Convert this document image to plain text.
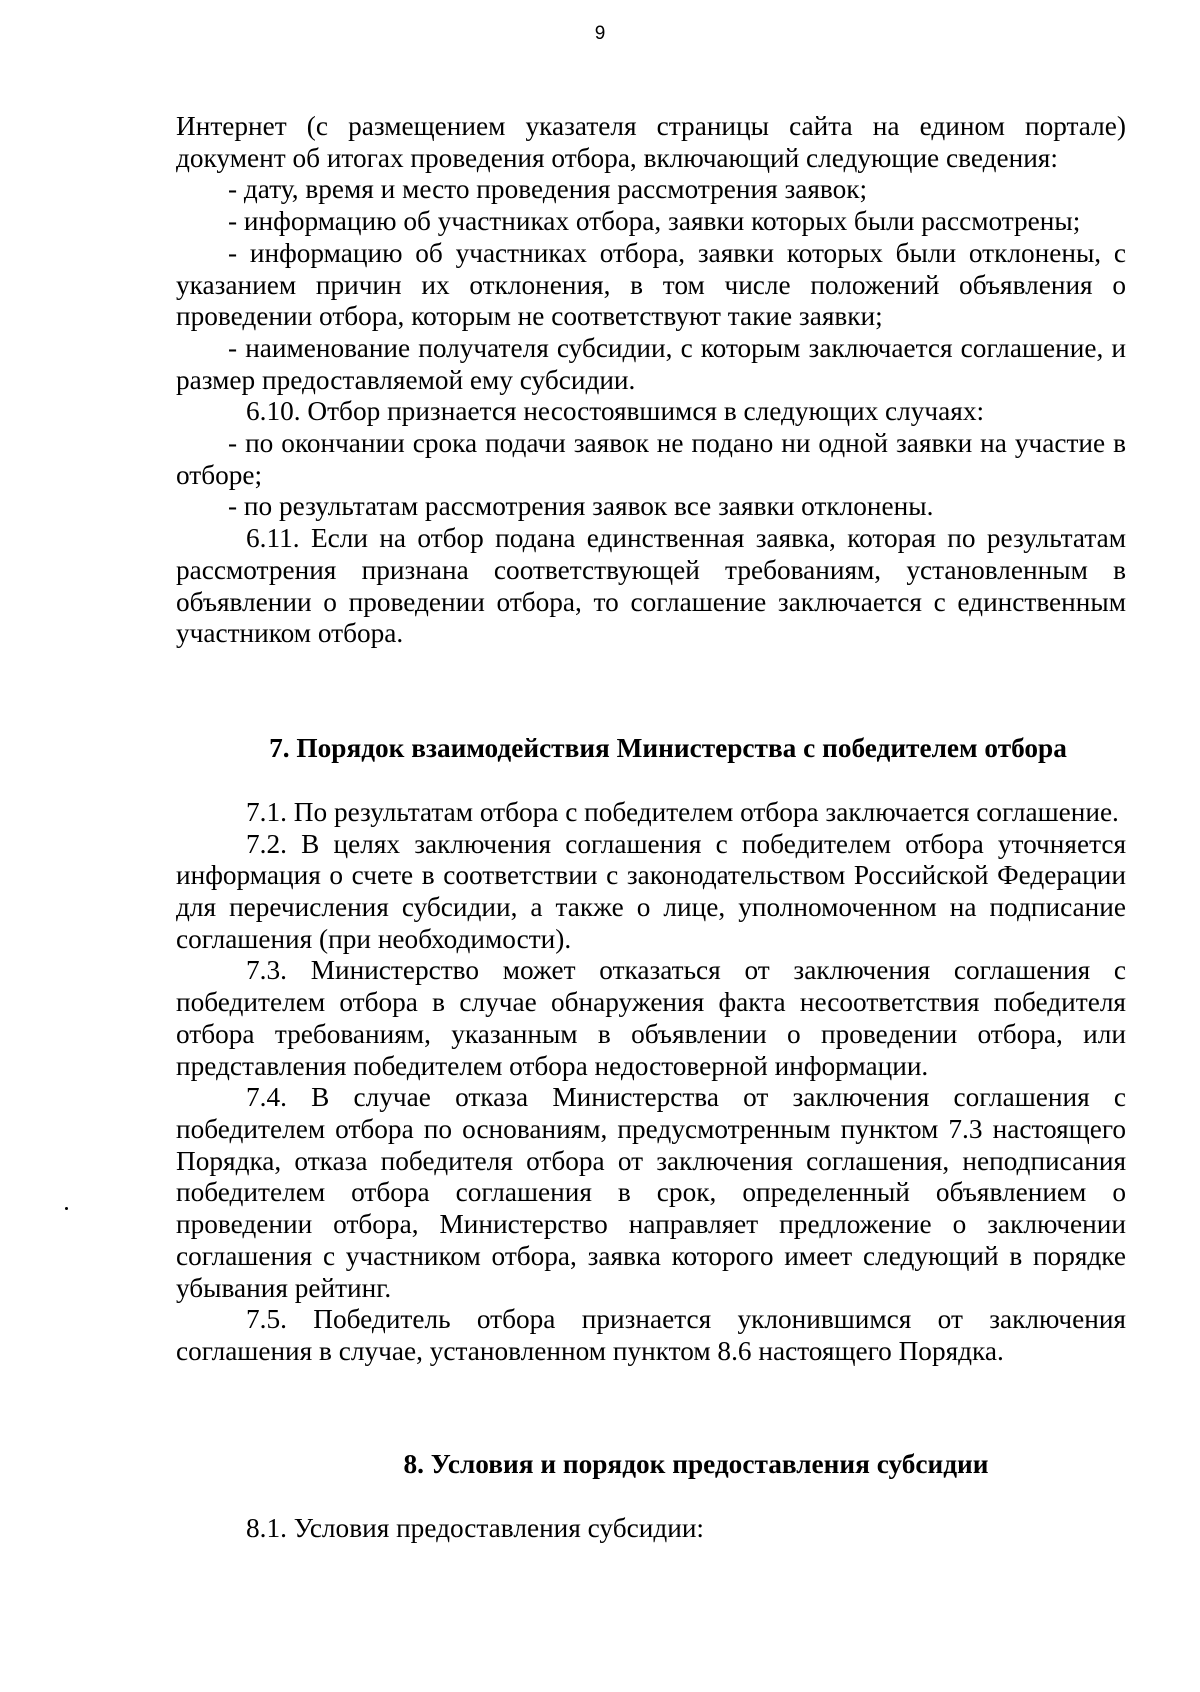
9

Интернет (с размещением указателя страницы сайта на едином портале) документ об итогах проведения отбора, включающий следующие сведения:

- дату, время и место проведения рассмотрения заявок;

- информацию об участниках отбора, заявки которых были рассмотрены;

- информацию об участниках отбора, заявки которых были отклонены, с указанием причин их отклонения, в том числе положений объявления о проведении отбора, которым не соответствуют такие заявки;

- наименование получателя субсидии, с которым заключается соглашение, и размер предоставляемой ему субсидии.

6.10. Отбор признается несостоявшимся в следующих случаях:

- по окончании срока подачи заявок не подано ни одной заявки на участие в отборе;

- по результатам рассмотрения заявок все заявки отклонены.

6.11. Если на отбор подана единственная заявка, которая по результатам рассмотрения признана соответствующей требованиям, установленным в объявлении о проведении отбора, то соглашение заключается с единственным участником отбора.

7. Порядок взаимодействия Министерства с победителем отбора

7.1. По результатам отбора с победителем отбора заключается соглашение.

7.2. В целях заключения соглашения с победителем отбора уточняется информация о счете в соответствии с законодательством Российской Федерации для перечисления субсидии, а также о лице, уполномоченном на подписание соглашения (при необходимости).

7.3. Министерство может отказаться от заключения соглашения с победителем отбора в случае обнаружения факта несоответствия победителя отбора требованиям, указанным в объявлении о проведении отбора, или представления победителем отбора недостоверной информации.

7.4. В случае отказа Министерства от заключения соглашения с победителем отбора по основаниям, предусмотренным пунктом 7.3 настоящего Порядка, отказа победителя отбора от заключения соглашения, неподписания победителем отбора соглашения в срок, определенный объявлением о проведении отбора, Министерство направляет предложение о заключении соглашения с участником отбора, заявка которого имеет следующий в порядке убывания рейтинг.

7.5. Победитель отбора признается уклонившимся от заключения соглашения в случае, установленном пунктом 8.6 настоящего Порядка.

8. Условия и порядок предоставления субсидии

8.1. Условия предоставления субсидии:
